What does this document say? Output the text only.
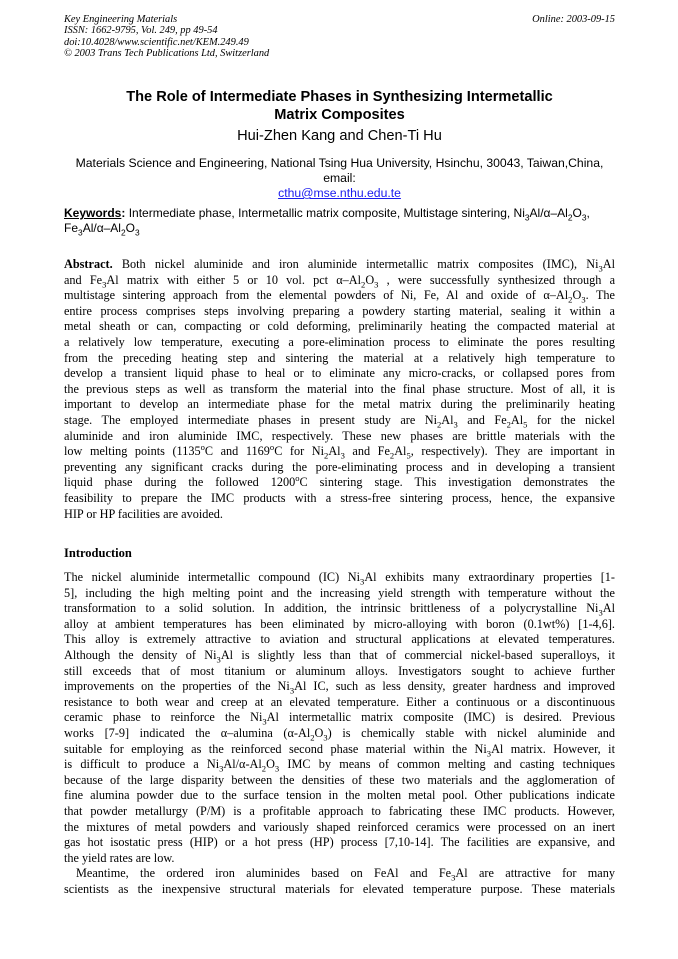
Key Engineering Materials
ISSN: 1662-9795, Vol. 249, pp 49-54
doi:10.4028/www.scientific.net/KEM.249.49
© 2003 Trans Tech Publications Ltd, Switzerland
Online: 2003-09-15
The Role of Intermediate Phases in Synthesizing Intermetallic
Matrix Composites
Hui-Zhen Kang and Chen-Ti Hu
Materials Science and Engineering, National Tsing Hua University, Hsinchu, 30043, Taiwan,China,
email:
cthu@mse.nthu.edu.te
Keywords: Intermediate phase, Intermetallic matrix composite, Multistage sintering, $Ni_3Al/\alpha-Al_2O_3$,
$Fe_3Al/\alpha-Al_2O_3$
Abstract. Both nickel aluminide and iron aluminide intermetallic matrix composites (IMC), $Ni_3Al$
and $Fe_3Al$ matrix with either 5 or 10 vol. pct $\alpha-Al_2O_3$ , were successfully synthesized through a
multistage sintering approach from the elemental powders of Ni, Fe, Al and oxide of $\alpha-Al_2O_3$. The
entire process comprises steps involving preparing a powdery starting material, sealing it within a
metal sheath or can, compacting or cold deforming, preliminarily heating the compacted material at
a relatively low temperature, executing a pore-elimination process to eliminate the pores resulting
from the preceding heating step and sintering the material at a relatively high temperature to
develop a transient liquid phase to heal or to eliminate any micro-cracks, or collapsed pores from
the previous steps as well as transform the material into the final phase structure. Most of all, it is
important to develop an intermediate phase for the metal matrix during the preliminarily heating
stage. The employed intermediate phases in present study are $Ni_2Al_3$ and $Fe_2Al_5$ for the nickel
aluminide and iron aluminide IMC, respectively. These new phases are brittle materials with the
low melting points (1135$^o$C and 1169$^o$C for $Ni_2Al_3$ and $Fe_2Al_5$, respectively). They are important in
preventing any significant cracks during the pore-eliminating process and in developing a transient
liquid phase during the followed 1200$^o$C sintering stage. This investigation demonstrates the
feasibility to prepare the IMC products with a stress-free sintering process, hence, the expansive
HIP or HP facilities are avoided.
Introduction
The nickel aluminide intermetallic compound (IC) $Ni_3Al$ exhibits many extraordinary properties [1-
5], including the high melting point and the increasing yield strength with temperature without the
transformation to a solid solution. In addition, the intrinsic brittleness of a polycrystalline $Ni_3Al$
alloy at ambient temperatures has been eliminated by micro-alloying with boron (0.1wt%) [1-4,6].
This alloy is extremely attractive to aviation and structural applications at elevated temperatures.
Although the density of $Ni_3Al$ is slightly less than that of commercial nickel-based superalloys, it
still exceeds that of most titanium or aluminum alloys. Investigators sought to achieve further
improvements on the properties of the $Ni_3Al$ IC, such as less density, greater hardness and improved
resistance to both wear and creep at an elevated temperature. Either a continuous or a discontinuous
ceramic phase to reinforce the $Ni_3Al$ intermetallic matrix composite (IMC) is desired. Previous
works [7-9] indicated the α–alumina $(\alpha-Al_2O_3)$ is chemically stable with nickel aluminide and
suitable for employing as the reinforced second phase material within the $Ni_3Al$ matrix. However, it
is difficult to produce a $Ni_3Al/\alpha-Al_2O_3$ IMC by means of common melting and casting techniques
because of the large disparity between the densities of these two materials and the agglomeration of
fine alumina powder due to the surface tension in the molten metal pool. Other publications indicate
that powder metallurgy (P/M) is a profitable approach to fabricating these IMC products. However,
the mixtures of metal powders and variously shaped reinforced ceramics were processed on an inert
gas hot isostatic press (HIP) or a hot press (HP) process [7,10-14]. The facilities are expansive, and
the yield rates are low.
Meantime, the ordered iron aluminides based on FeAl and $Fe_3Al$ are attractive for many
scientists as the inexpensive structural materials for elevated temperature purpose. These materials
